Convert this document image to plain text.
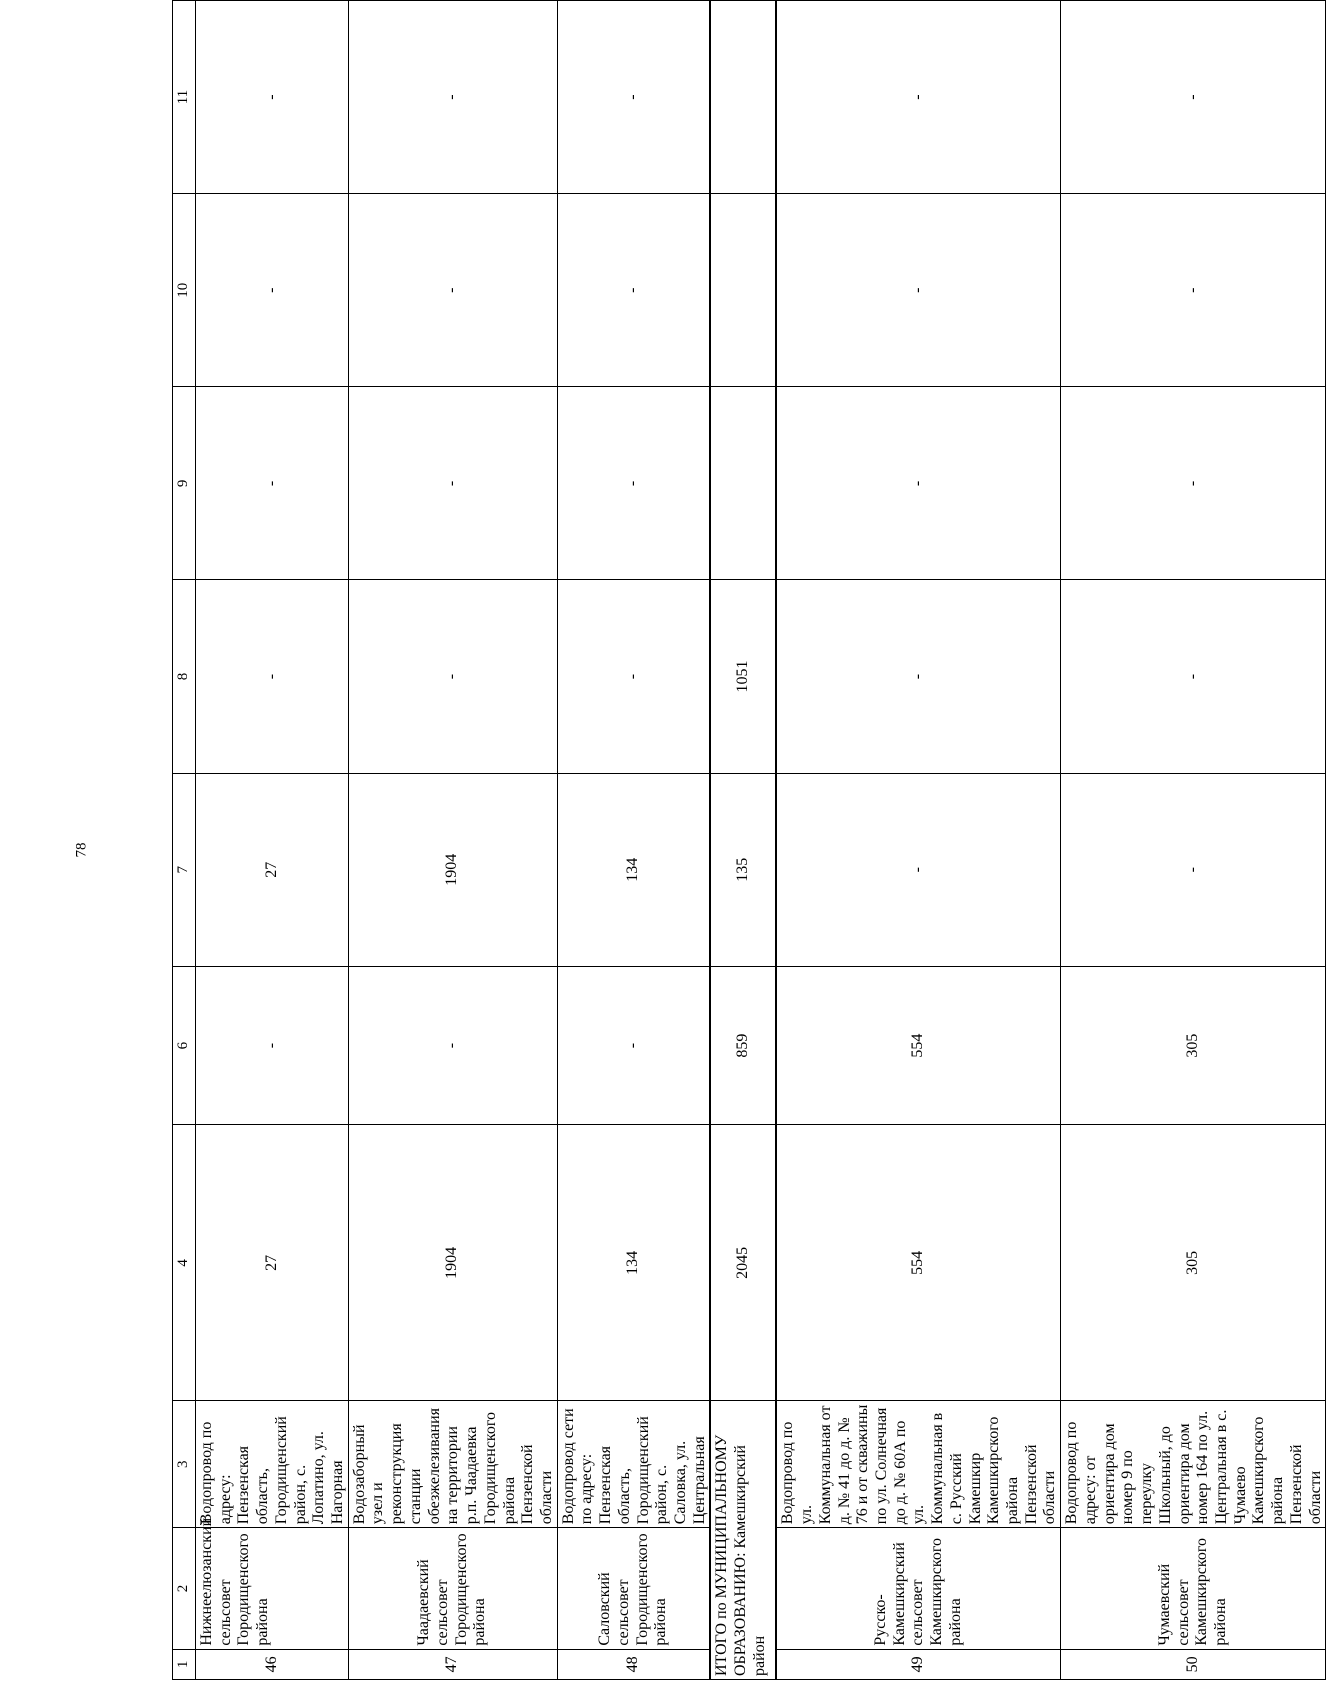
78
1	2	3	4	6	7	8	9	10	11
46	Нижнеелюзанский сельсовет Городищенского района	Водопровод по адресу: Пензенская область, Городищенский район, с. Лопатино, ул. Нагорная	27	-	27	-	-	-	-
47	Чаадаевский сельсовет Городищенского района	Водозаборный узел и реконструкция станции обезжелезивания на территории р.п. Чаадаевка Городищенского района Пензенской области	1904	-	1904	-	-	-	-
48	Саловский сельсовет Городищенского района	Водопровод сети по адресу: Пензенская область, Городищенский район, с. Саловка, ул. Центральная	134	-	134	-	-	-	-
ИТОГО по МУНИЦИПАЛЬНОМУ ОБРАЗОВАНИЮ: Камешкирский район			2045	859	135	1051			
49	Русско-Камешкирский сельсовет Камешкирского района	Водопровод по ул. Коммунальная от д. № 41 до д. № 76 и от скважины по ул. Солнечная до д. № 60А по ул. Коммунальная в с. Русский Камешкир Камешкирского района Пензенской области	554	554	-	-	-	-	-
50	Чумаевский сельсовет Камешкирского района	Водопровод по адресу: от ориентира дом номер 9 по переулку Школьный, до ориентира дом номер 164 по ул. Центральная в с. Чумаево Камешкирского района Пензенской области	305	305	-	-	-	-	-
